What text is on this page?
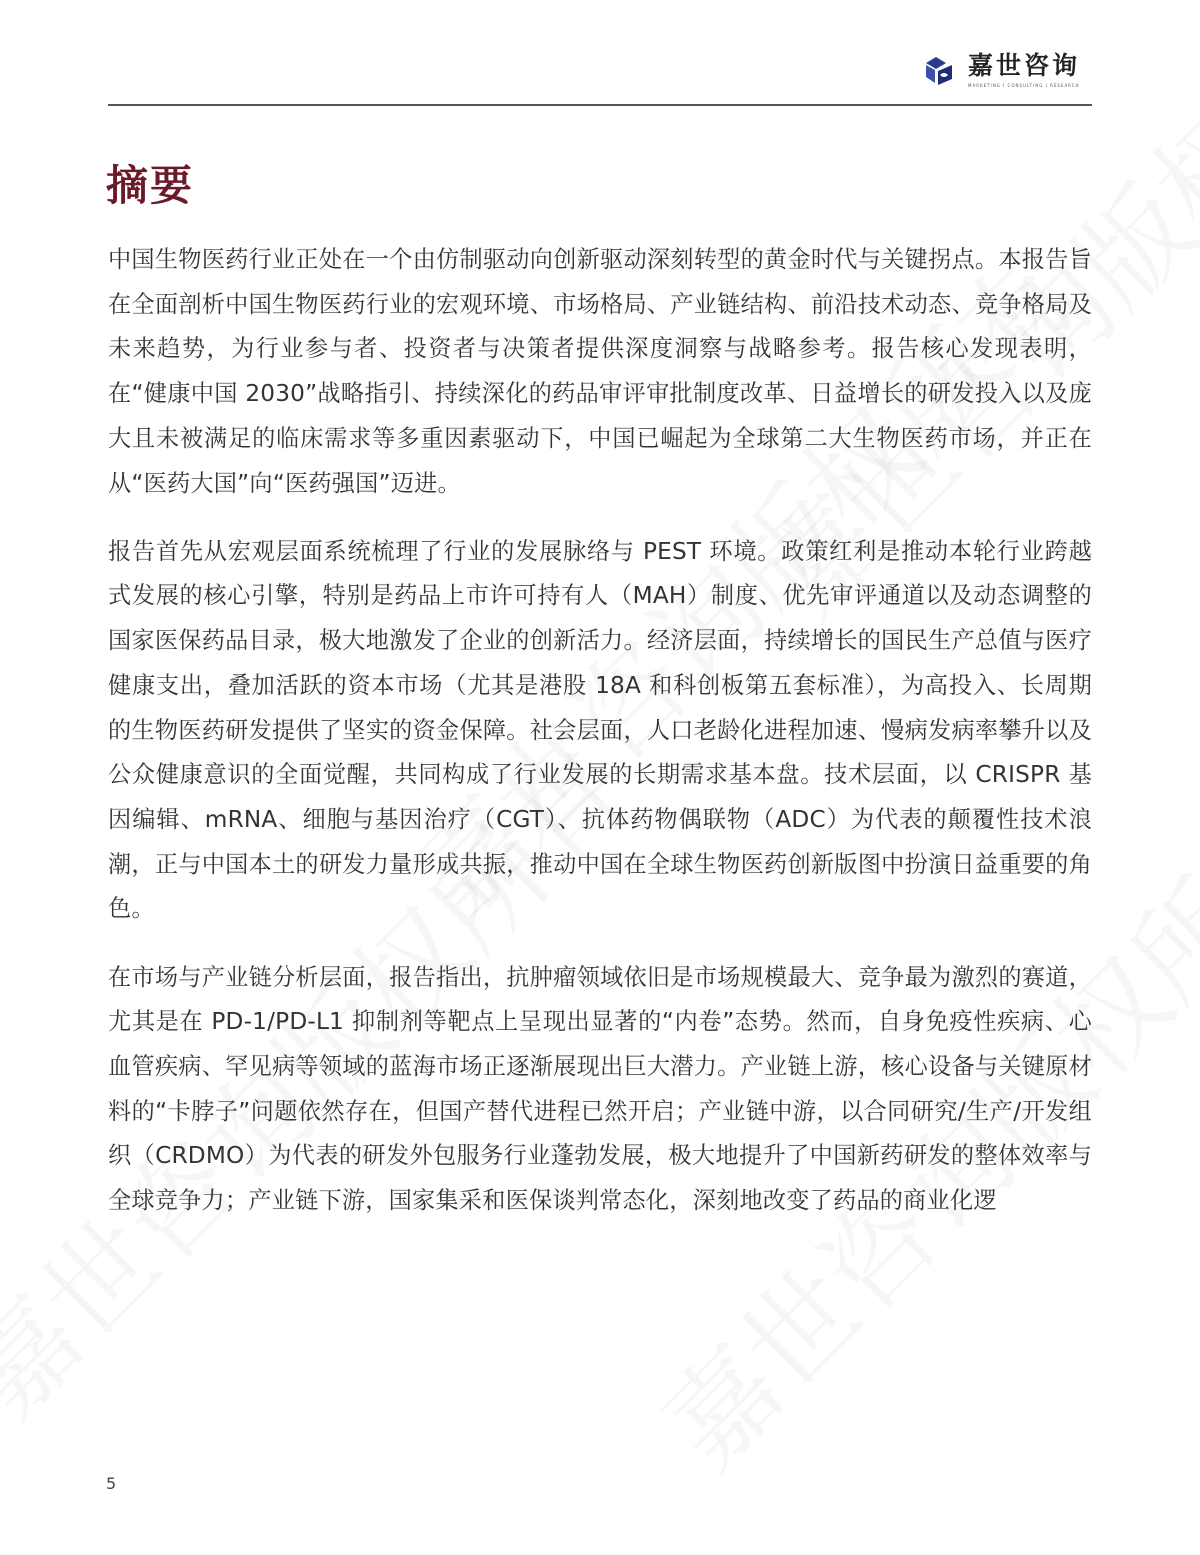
嘉世咨询
MARKETING I CONSULTING I RESEARCH
摘要

中国生物医药行业正处在一个由仿制驱动向创新驱动深刻转型的黄金时代与关键拐点。本报告旨在全面剖析中国生物医药行业的宏观环境、市场格局、产业链结构、前沿技术动态、竞争格局及未来趋势，为行业参与者、投资者与决策者提供深度洞察与战略参考。报告核心发现表明，在“健康中国 2030”战略指引、持续深化的药品审评审批制度改革、日益增长的研发投入以及庞大且未被满足的临床需求等多重因素驱动下，中国已崛起为全球第二大生物医药市场，并正在从“医药大国”向“医药强国”迈进。

报告首先从宏观层面系统梳理了行业的发展脉络与 PEST 环境。政策红利是推动本轮行业跨越式发展的核心引擎，特别是药品上市许可持有人（MAH）制度、优先审评通道以及动态调整的国家医保药品目录，极大地激发了企业的创新活力。经济层面，持续增长的国民生产总值与医疗健康支出，叠加活跃的资本市场（尤其是港股 18A 和科创板第五套标准），为高投入、长周期的生物医药研发提供了坚实的资金保障。社会层面，人口老龄化进程加速、慢病发病率攀升以及公众健康意识的全面觉醒，共同构成了行业发展的长期需求基本盘。技术层面，以 CRISPR 基因编辑、mRNA、细胞与基因治疗（CGT）、抗体药物偶联物（ADC）为代表的颠覆性技术浪潮，正与中国本土的研发力量形成共振，推动中国在全球生物医药创新版图中扮演日益重要的角色。

在市场与产业链分析层面，报告指出，抗肿瘤领域依旧是市场规模最大、竞争最为激烈的赛道，尤其是在 PD-1/PD-L1 抑制剂等靶点上呈现出显著的“内卷”态势。然而，自身免疫性疾病、心血管疾病、罕见病等领域的蓝海市场正逐渐展现出巨大潜力。产业链上游，核心设备与关键原材料的“卡脖子”问题依然存在，但国产替代进程已然开启；产业链中游，以合同研究/生产/开发组织（CRDMO）为代表的研发外包服务行业蓬勃发展，极大地提升了中国新药研发的整体效率与全球竞争力；产业链下游，国家集采和医保谈判常态化，深刻地改变了药品的商业化逻

5
